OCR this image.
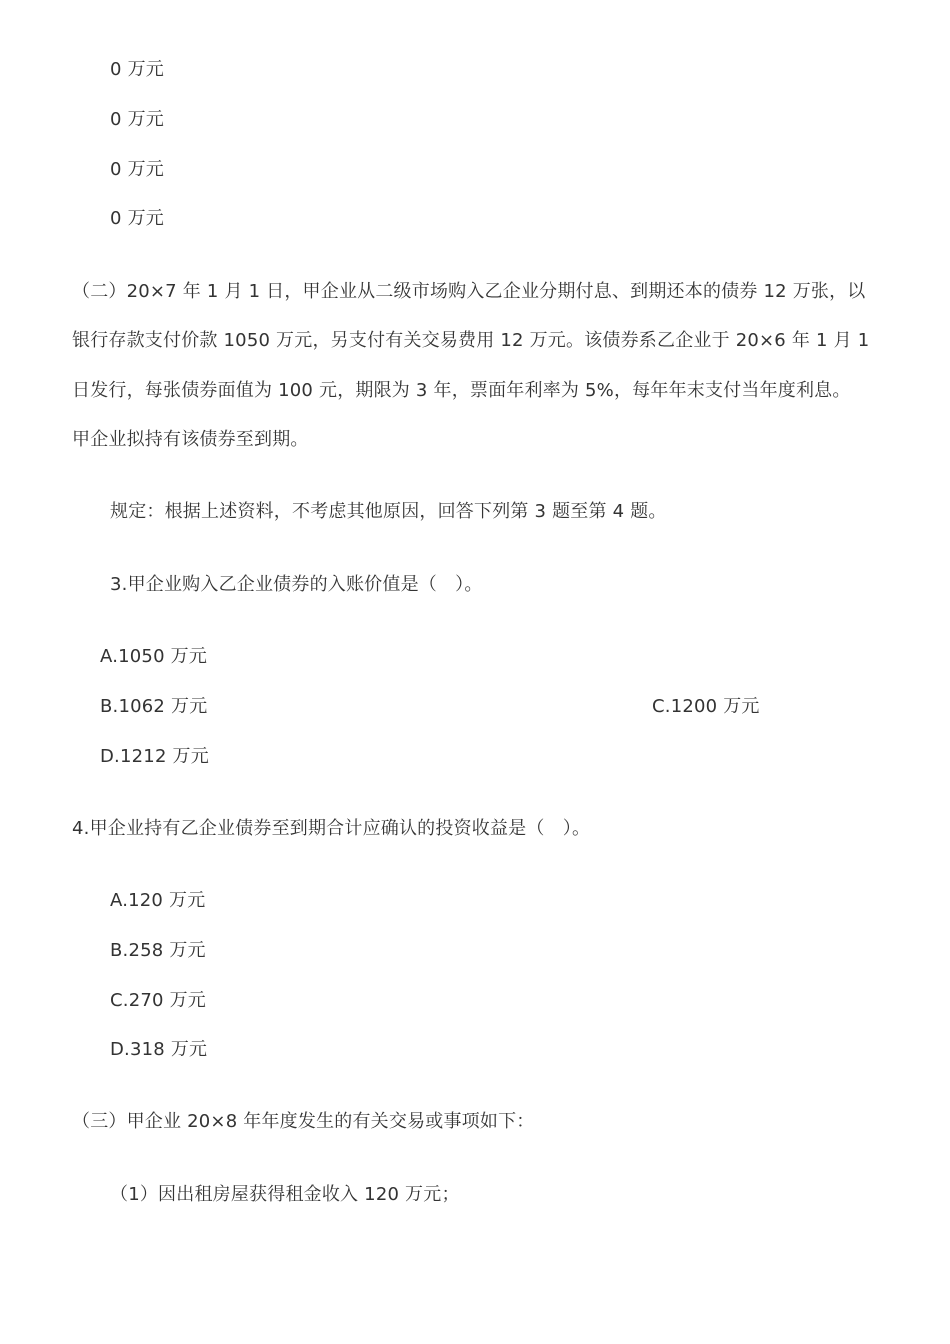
0 万元
0 万元
0 万元
0 万元
（二）20×7 年 1 月 1 日，甲企业从二级市场购入乙企业分期付息、到期还本的债券 12 万张，以
银行存款支付价款 1050 万元，另支付有关交易费用 12 万元。该债券系乙企业于 20×6 年 1 月 1
日发行，每张债券面值为 100 元，期限为 3 年，票面年利率为 5%，每年年末支付当年度利息。
甲企业拟持有该债券至到期。
规定：根据上述资料，不考虑其他原因，回答下列第 3 题至第 4 题。
3.甲企业购入乙企业债券的入账价值是（　）。
A.1050 万元
B.1062 万元	C.1200 万元
D.1212 万元
4.甲企业持有乙企业债券至到期合计应确认的投资收益是（　）。
A.120 万元
B.258 万元
C.270 万元
D.318 万元
（三）甲企业 20×8 年年度发生的有关交易或事项如下：
（1）因出租房屋获得租金收入 120 万元；
